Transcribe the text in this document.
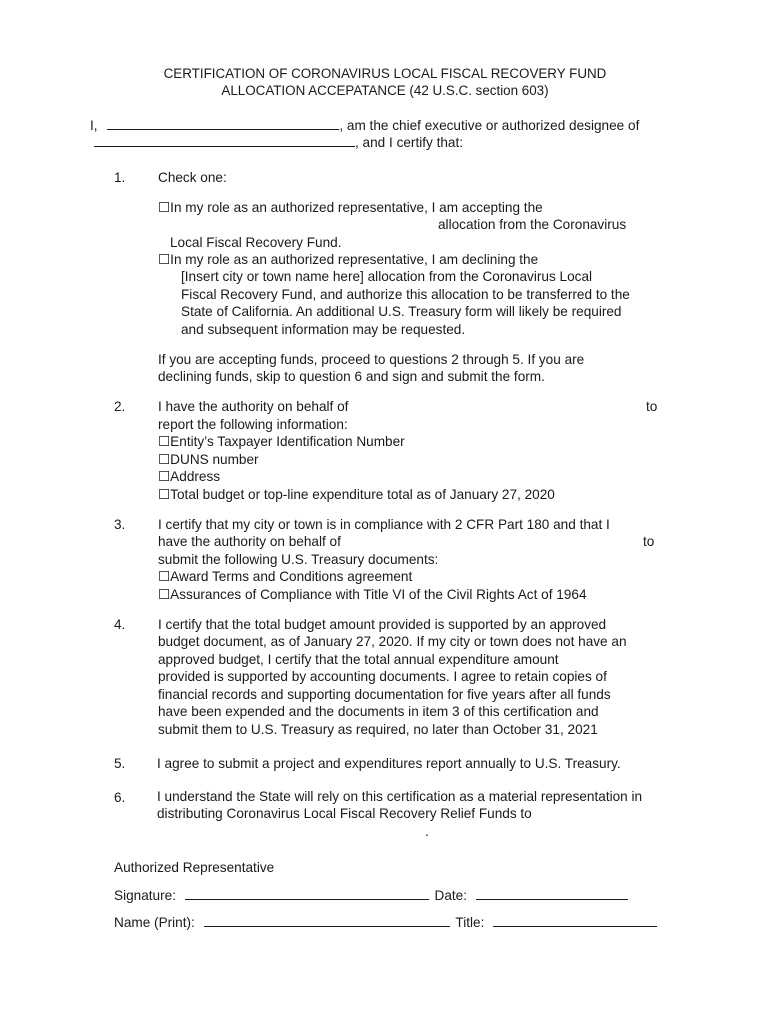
CERTIFICATION OF CORONAVIRUS LOCAL FISCAL RECOVERY FUND
ALLOCATION ACCEPATANCE (42 U.S.C. section 603)
I,	, am the chief executive or authorized designee of
, and I certify that:
1. Check one:
☐In my role as an authorized representative, I am accepting the
allocation from the Coronavirus
Local Fiscal Recovery Fund.
☐In my role as an authorized representative, I am declining the
[Insert city or town name here] allocation from the Coronavirus Local
Fiscal Recovery Fund, and authorize this allocation to be transferred to the
State of California. An additional U.S. Treasury form will likely be required
and subsequent information may be requested.
If you are accepting funds, proceed to questions 2 through 5. If you are
declining funds, skip to question 6 and sign and submit the form.
2. I have the authority on behalf of	to
report the following information:
☐Entity’s Taxpayer Identification Number
☐DUNS number
☐Address
☐Total budget or top-line expenditure total as of January 27, 2020
3. I certify that my city or town is in compliance with 2 CFR Part 180 and that I
have the authority on behalf of	to
submit the following U.S. Treasury documents:
☐Award Terms and Conditions agreement
☐Assurances of Compliance with Title VI of the Civil Rights Act of 1964
4. I certify that the total budget amount provided is supported by an approved
budget document, as of January 27, 2020. If my city or town does not have an
approved budget, I certify that the total annual expenditure amount
provided is supported by accounting documents. I agree to retain copies of
financial records and supporting documentation for five years after all funds
have been expended and the documents in item 3 of this certification and
submit them to U.S. Treasury as required, no later than October 31, 2021
5. I agree to submit a project and expenditures report annually to U.S. Treasury.
6. I understand the State will rely on this certification as a material representation in
distributing Coronavirus Local Fiscal Recovery Relief Funds to
.
Authorized Representative
Signature:	Date:
Name (Print):	Title:
